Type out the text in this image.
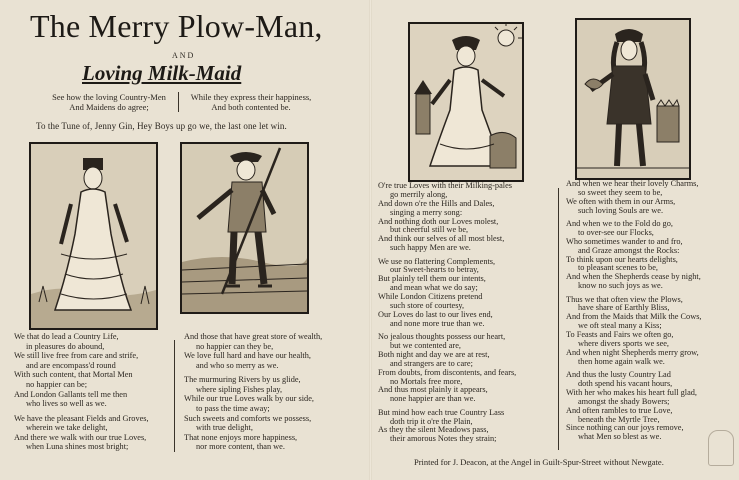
The Merry Plow-Man,
AND
Loving Milk-Maid
See how the loving Country-Men
And Maidens do agree;
While they express their happiness,
And both contented be.
To the Tune of, Jenny Gin, Hey Boys up go we, the last one let win.
We that do lead a Country Life,
in pleasures do abound,
We still live free from care and strife,
and are encompass'd round
With such content, that Mortal Men
no happier can be;
And London Gallants tell me then
who lives so well as we.
We have the pleasant Fields and Groves,
wherein we take delight,
And there we walk with our true Loves,
when Luna shines most bright;
And those that have great store of wealth,
no happier can they be,
We love full hard and have our health,
and who so merry as we.
The murmuring Rivers by us glide,
where sipling Fishes play,
While our true Loves walk by our side,
to pass the time away;
Such sweets and comforts we possess,
with true delight,
That none enjoys more happiness,
nor more content, than we.
O're true Loves with their Milking-pales
go merrily along,
And down o're the Hills and Dales,
singing a merry song:
And nothing doth our Loves molest,
but cheerful still we be,
And think our selves of all most blest,
such happy Men are we.
We use no flattering Complements,
our Sweet-hearts to betray,
But plainly tell them our intents,
and mean what we do say;
While London Citizens pretend
such store of courtesy,
Our Loves do last to our lives end,
and none more true than we.
No jealous thoughts possess our heart,
but we contented are,
Both night and day we are at rest,
and strangers are to care;
From doubts, from discontents, and fears,
no Mortals free more,
And thus most plainly it appears,
none happier are than we.
But mind how each true Country Lass
doth trip it o're the Plain,
As they the silent Meadows pass,
their amorous Notes they strain;
And when we hear their lovely Charms,
so sweet they seem to be,
We often with them in our Arms,
such loving Souls are we.
And when we to the Fold do go,
to over-see our Flocks,
Who sometimes wander to and fro,
and Graze amongst the Rocks:
To think upon our hearts delights,
to pleasant scenes to be,
And when the Shepherds cease by night,
know no such joys as we.
Thus we that often view the Plows,
have share of Earthly Bliss,
And from the Maids that Milk the Cows,
we oft steal many a Kiss;
To Feasts and Fairs we often go,
where divers sports we see,
And when night Shepherds merry grow,
then home again walk we.
And thus the lusty Country Lad
doth spend his vacant hours,
With her who makes his heart full glad,
amongst the shady Bowers;
And often rambles to true Love,
beneath the Myrtle Tree,
Since nothing can our joys remove,
what Men so blest as we.
Printed for J. Deacon, at the Angel in Guilt-Spur-Street without Newgate.
